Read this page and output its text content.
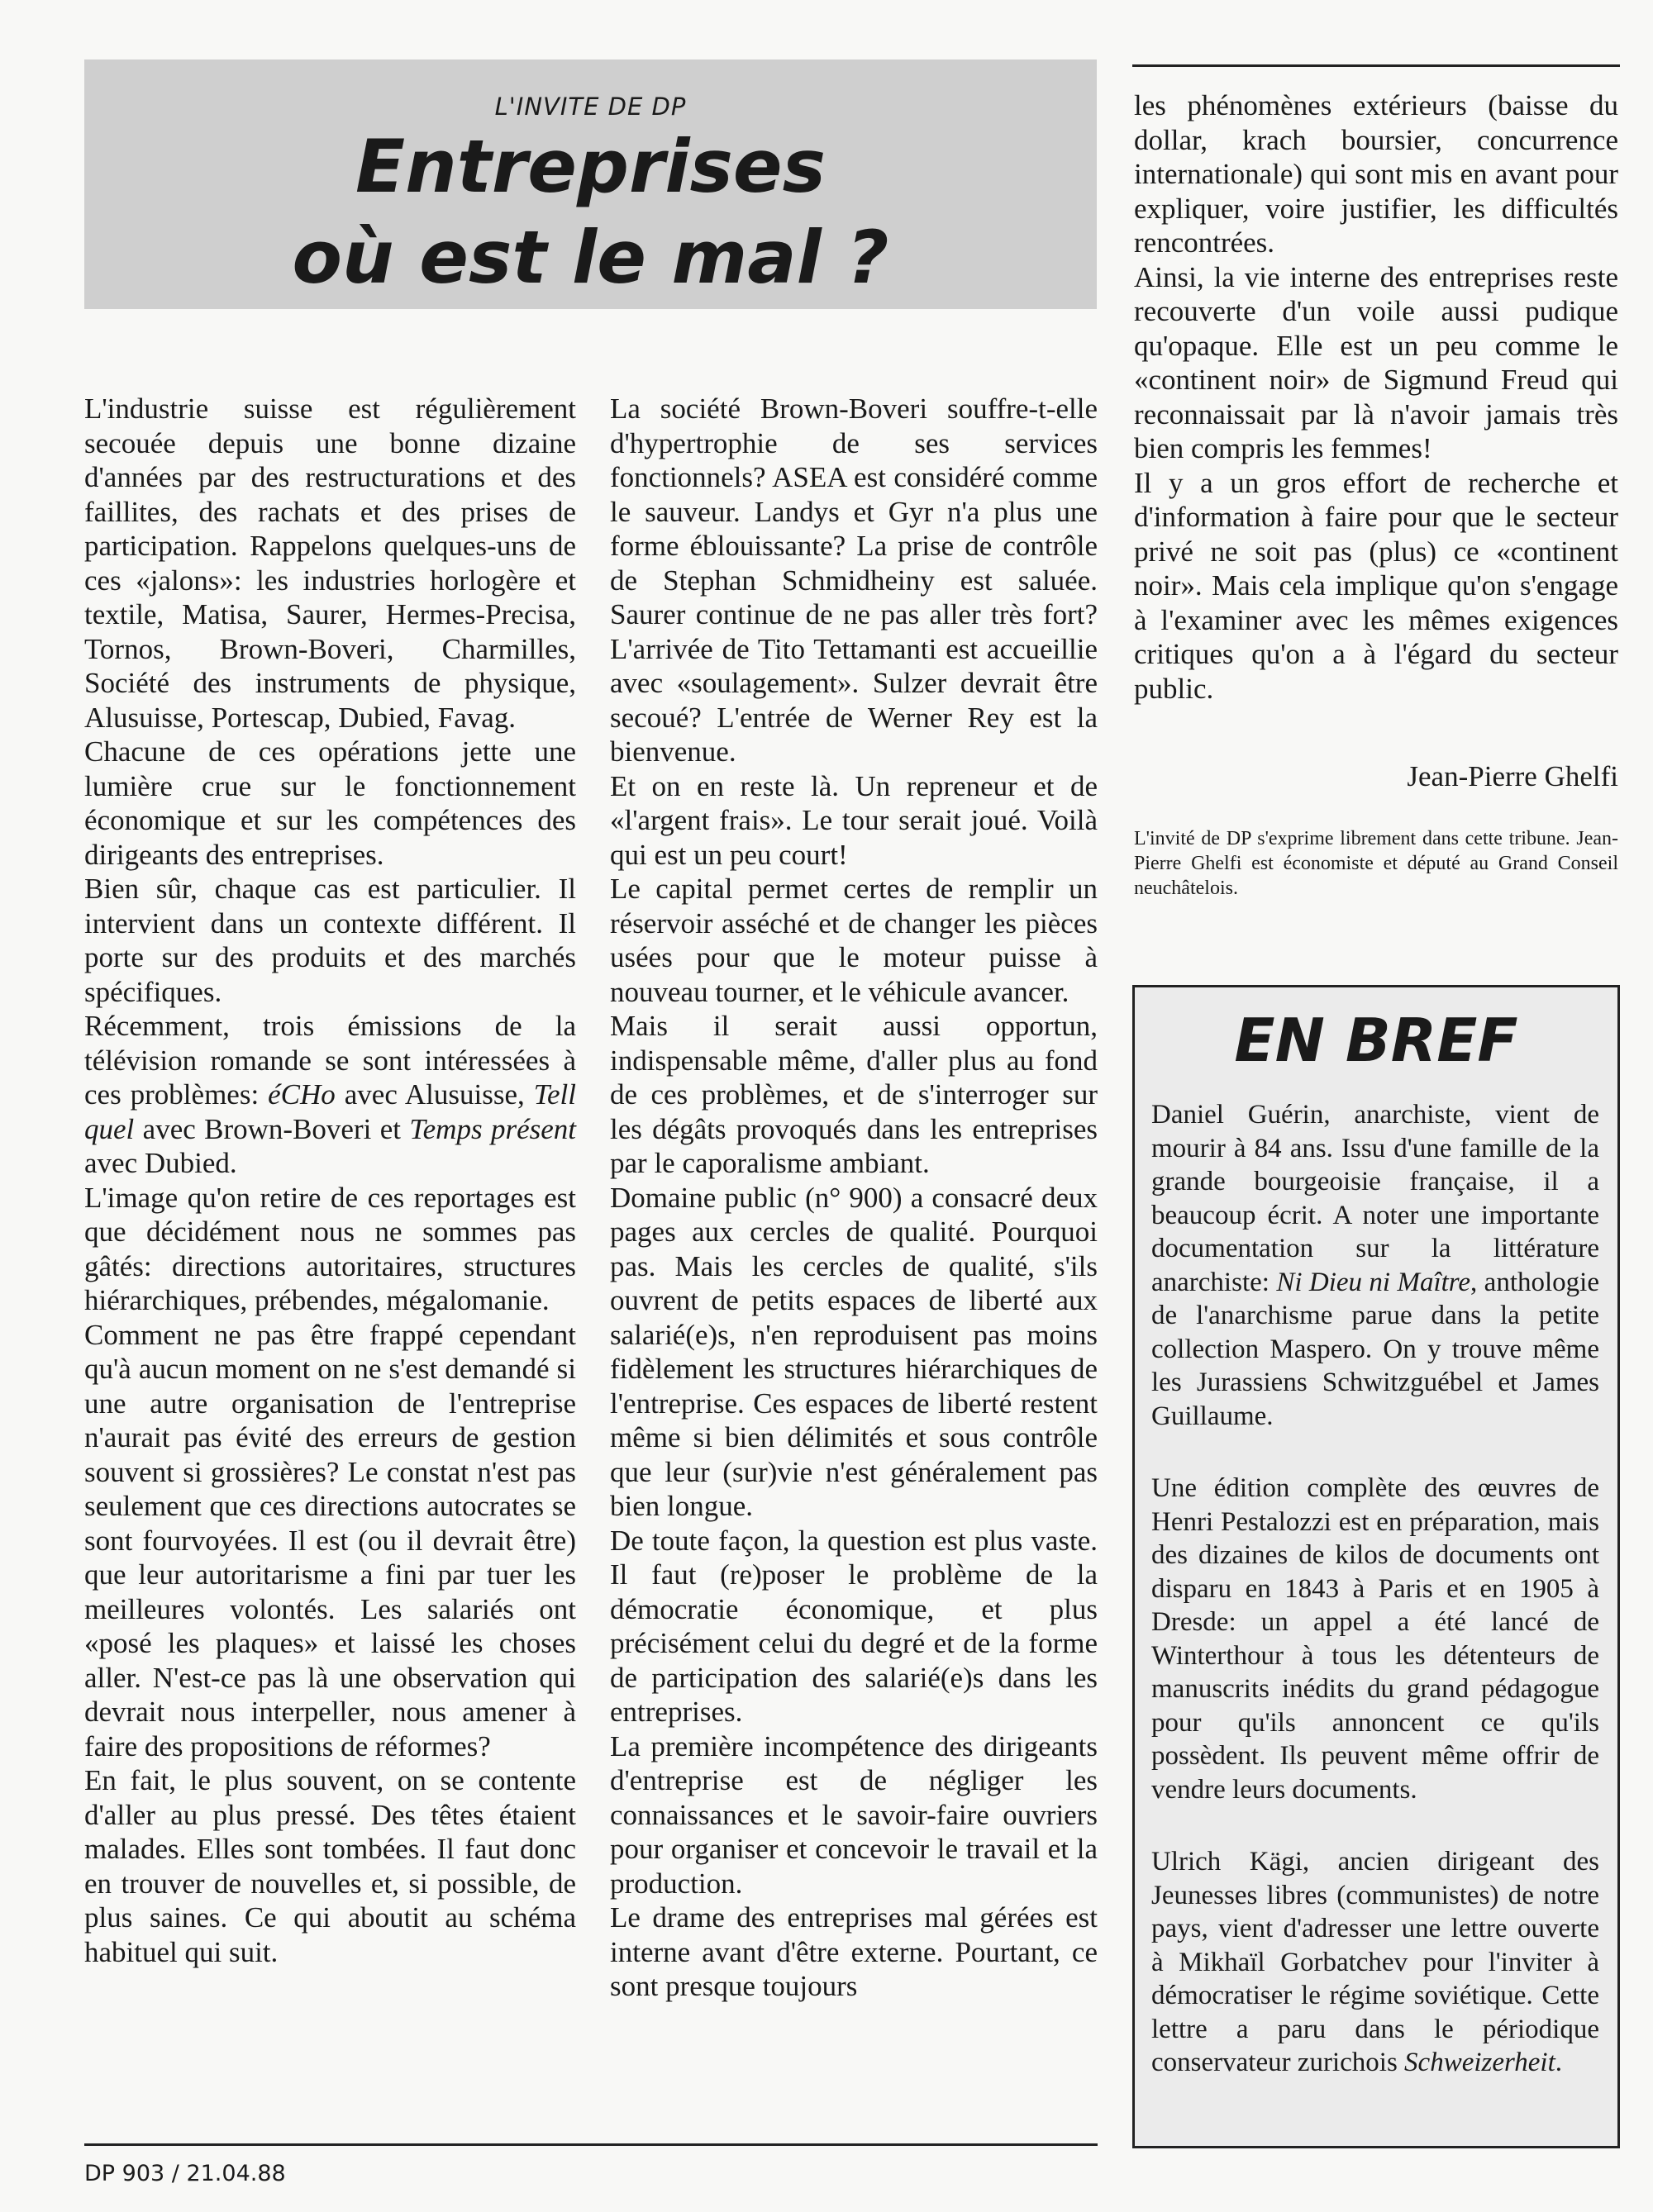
L'INVITE DE DP
Entreprises
où est le mal ?

L'industrie suisse est régulièrement secouée depuis une bonne dizaine d'années par des restructurations et des faillites, des rachats et des prises de participation. Rappelons quelques-uns de ces «jalons»: les industries horlogère et textile, Matisa, Saurer, Hermes-Precisa, Tornos, Brown-Boveri, Charmilles, Société des instruments de physique, Alusuisse, Portescap, Dubied, Favag.

Chacune de ces opérations jette une lumière crue sur le fonctionnement économique et sur les compétences des dirigeants des entreprises.

Bien sûr, chaque cas est particulier. Il intervient dans un contexte différent. Il porte sur des produits et des marchés spécifiques.

Récemment, trois émissions de la télévision romande se sont intéressées à ces problèmes: éCHo avec Alusuisse, Tell quel avec Brown-Boveri et Temps présent avec Dubied.

L'image qu'on retire de ces reportages est que décidément nous ne sommes pas gâtés: directions autoritaires, structures hiérarchiques, prébendes, mégalomanie.

Comment ne pas être frappé cependant qu'à aucun moment on ne s'est demandé si une autre organisation de l'entreprise n'aurait pas évité des erreurs de gestion souvent si grossières? Le constat n'est pas seulement que ces directions autocrates se sont fourvoyées. Il est (ou il devrait être) que leur autoritarisme a fini par tuer les meilleures volontés. Les salariés ont «posé les plaques» et laissé les choses aller. N'est-ce pas là une observation qui devrait nous interpeller, nous amener à faire des propositions de réformes?

En fait, le plus souvent, on se contente d'aller au plus pressé. Des têtes étaient malades. Elles sont tombées. Il faut donc en trouver de nouvelles et, si possible, de plus saines. Ce qui aboutit au schéma habituel qui suit.

La société Brown-Boveri souffre-t-elle d'hypertrophie de ses services fonctionnels? ASEA est considéré comme le sauveur. Landys et Gyr n'a plus une forme éblouissante? La prise de contrôle de Stephan Schmidheiny est saluée. Saurer continue de ne pas aller très fort? L'arrivée de Tito Tettamanti est accueillie avec «soulagement». Sulzer devrait être secoué? L'entrée de Werner Rey est la bienvenue.

Et on en reste là. Un repreneur et de «l'argent frais». Le tour serait joué. Voilà qui est un peu court!

Le capital permet certes de remplir un réservoir asséché et de changer les pièces usées pour que le moteur puisse à nouveau tourner, et le véhicule avancer.

Mais il serait aussi opportun, indispensable même, d'aller plus au fond de ces problèmes, et de s'interroger sur les dégâts provoqués dans les entreprises par le caporalisme ambiant.

Domaine public (n° 900) a consacré deux pages aux cercles de qualité. Pourquoi pas. Mais les cercles de qualité, s'ils ouvrent de petits espaces de liberté aux salarié(e)s, n'en reproduisent pas moins fidèlement les structures hiérarchiques de l'entreprise. Ces espaces de liberté restent même si bien délimités et sous contrôle que leur (sur)vie n'est généralement pas bien longue.

De toute façon, la question est plus vaste. Il faut (re)poser le problème de la démocratie économique, et plus précisément celui du degré et de la forme de participation des salarié(e)s dans les entreprises.

La première incompétence des dirigeants d'entreprise est de négliger les connaissances et le savoir-faire ouvriers pour organiser et concevoir le travail et la production.

Le drame des entreprises mal gérées est interne avant d'être externe. Pourtant, ce sont presque toujours

les phénomènes extérieurs (baisse du dollar, krach boursier, concurrence internationale) qui sont mis en avant pour expliquer, voire justifier, les difficultés rencontrées.

Ainsi, la vie interne des entreprises reste recouverte d'un voile aussi pudique qu'opaque. Elle est un peu comme le «continent noir» de Sigmund Freud qui reconnaissait par là n'avoir jamais très bien compris les femmes!

Il y a un gros effort de recherche et d'information à faire pour que le secteur privé ne soit pas (plus) ce «continent noir». Mais cela implique qu'on s'engage à l'examiner avec les mêmes exigences critiques qu'on a à l'égard du secteur public.

Jean-Pierre Ghelfi
L'invité de DP s'exprime librement dans cette tribune. Jean-Pierre Ghelfi est économiste et député au Grand Conseil neuchâtelois.
EN BREF
Daniel Guérin, anarchiste, vient de mourir à 84 ans. Issu d'une famille de la grande bourgeoisie française, il a beaucoup écrit. A noter une importante documentation sur la littérature anarchiste: Ni Dieu ni Maître, anthologie de l'anarchisme parue dans la petite collection Maspero. On y trouve même les Jurassiens Schwitzguébel et James Guillaume.
Une édition complète des œuvres de Henri Pestalozzi est en préparation, mais des dizaines de kilos de documents ont disparu en 1843 à Paris et en 1905 à Dresde: un appel a été lancé de Winterthour à tous les détenteurs de manuscrits inédits du grand pédagogue pour qu'ils annoncent ce qu'ils possèdent. Ils peuvent même offrir de vendre leurs documents.
Ulrich Kägi, ancien dirigeant des Jeunesses libres (communistes) de notre pays, vient d'adresser une lettre ouverte à Mikhaïl Gorbatchev pour l'inviter à démocratiser le régime soviétique. Cette lettre a paru dans le périodique conservateur zurichois Schweizerheit.
DP 903 / 21.04.88
